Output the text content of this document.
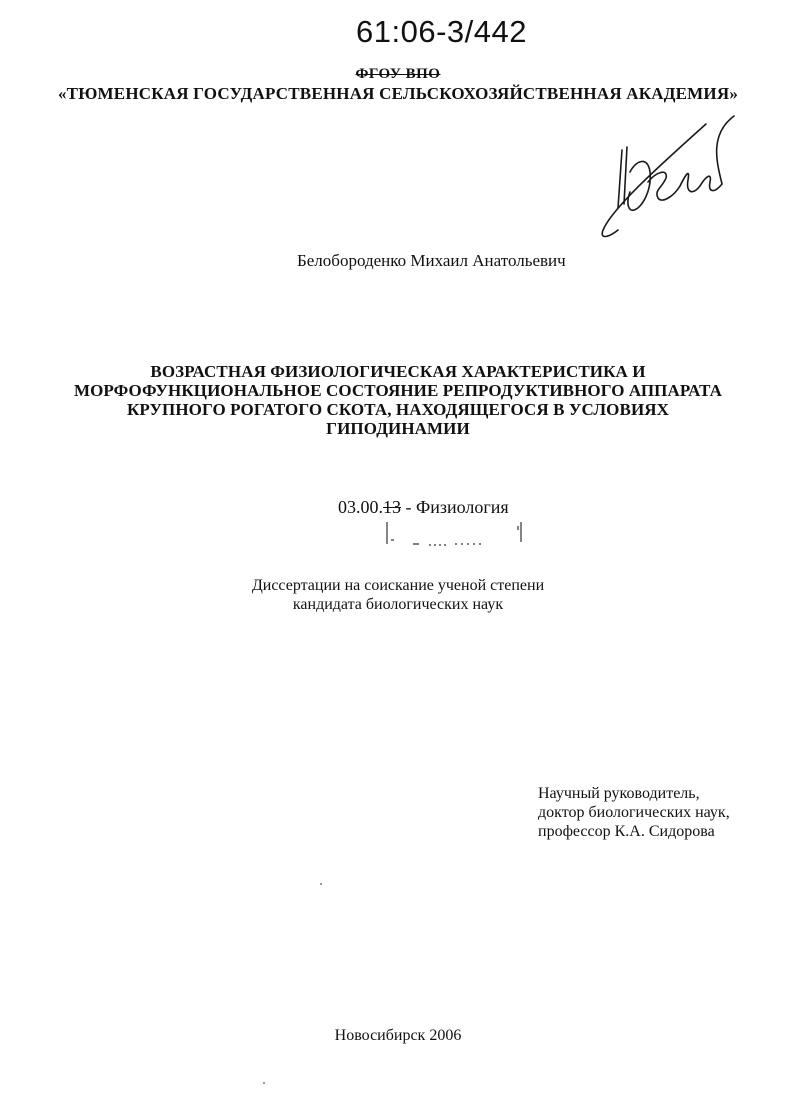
61:06-3/442
ФГОУ ВПО
«ТЮМЕНСКАЯ ГОСУДАРСТВЕННАЯ СЕЛЬСКОХОЗЯЙСТВЕННАЯ АКАДЕМИЯ»
Белобороденко Михаил Анатольевич
ВОЗРАСТНАЯ ФИЗИОЛОГИЧЕСКАЯ ХАРАКТЕРИСТИКА И
МОРФОФУНКЦИОНАЛЬНОЕ СОСТОЯНИЕ РЕПРОДУКТИВНОГО АППАРАТА
КРУПНОГО РОГАТОГО СКОТА, НАХОДЯЩЕГОСЯ В УСЛОВИЯХ
ГИПОДИНАМИИ
03.00.13 - Физиология
Диссертации на соискание ученой степени
кандидата биологических наук
Научный руководитель,
доктор биологических наук,
профессор К.А. Сидорова
Новосибирск 2006
